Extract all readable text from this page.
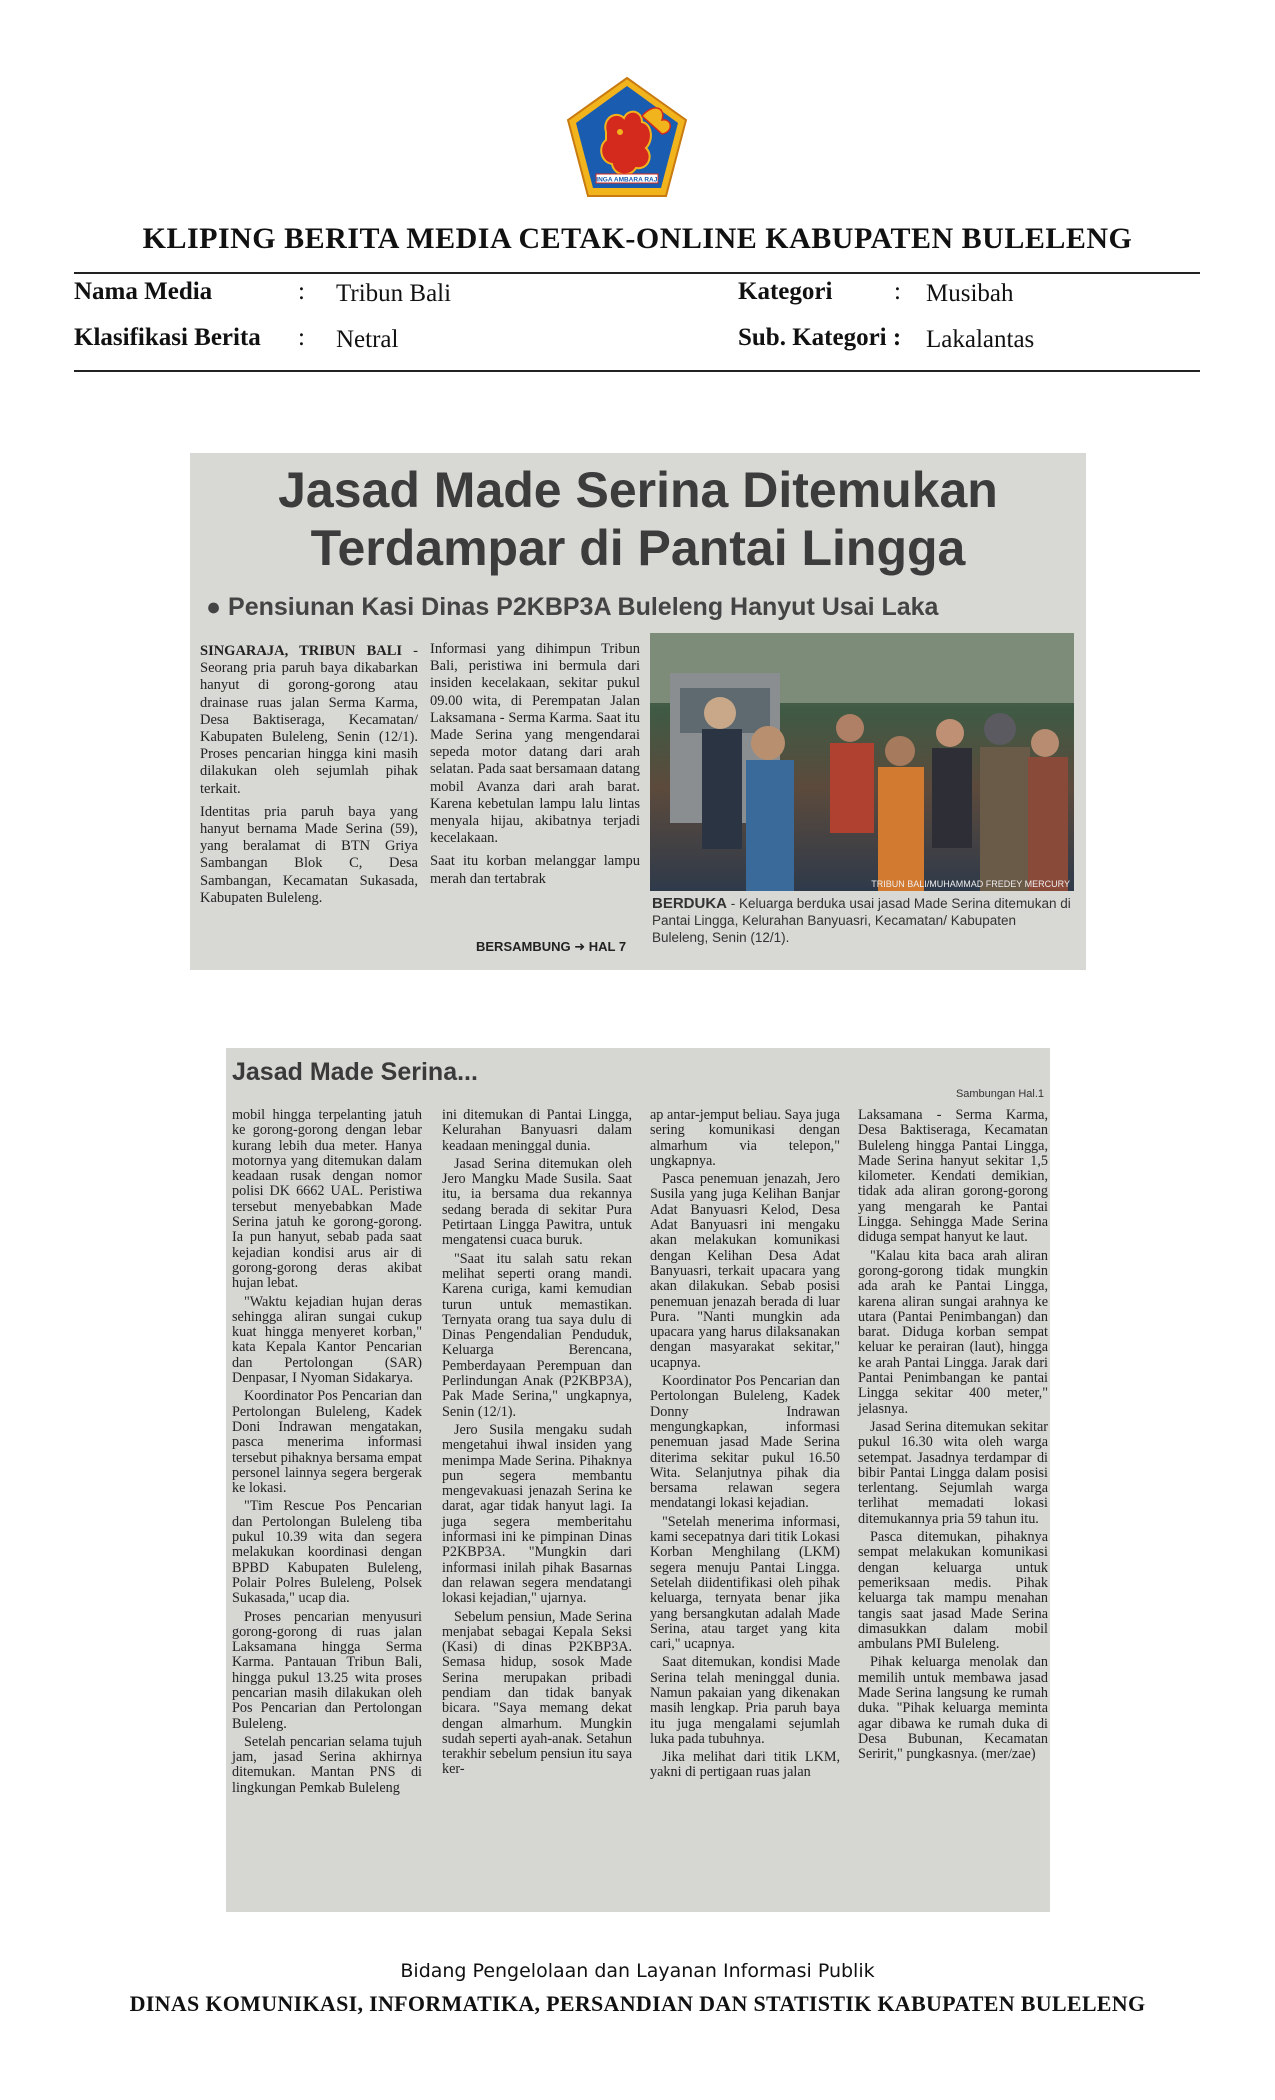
SINGA AMBARA RAJA
KLIPING BERITA MEDIA CETAK-ONLINE KABUPATEN BULELENG
Nama Media	: Tribun Bali	Kategori : Musibah
Klasifikasi Berita : Netral	Sub. Kategori : Lakalantas
Jasad Made Serina Ditemukan
Terdampar di Pantai Lingga
● Pensiunan Kasi Dinas P2KBP3A Buleleng Hanyut Usai Laka

SINGARAJA, TRIBUN BALI - Seorang pria paruh baya dikabarkan hanyut di gorong-gorong atau drainase ruas jalan Serma Karma, Desa Baktiseraga, Kecamatan/ Kabupaten Buleleng, Senin (12/1). Proses pencarian hingga kini masih dilakukan oleh sejumlah pihak terkait.

Identitas pria paruh baya yang hanyut bernama Made Serina (59), yang beralamat di BTN Griya Sambangan Blok C, Desa Sambangan, Kecamatan Sukasada, Kabupaten Buleleng.

Informasi yang dihimpun Tribun Bali, peristiwa ini bermula dari insiden kecelakaan, sekitar pukul 09.00 wita, di Perempatan Jalan Laksamana - Serma Karma. Saat itu Made Serina yang mengendarai sepeda motor datang dari arah selatan. Pada saat bersamaan datang mobil Avanza dari arah barat. Karena kebetulan lampu lalu lintas menyala hijau, akibatnya terjadi kecelakaan.

Saat itu korban melanggar lampu merah dan tertabrak	TRIBUN BALI/MUHAMMAD FREDEY MERCURY
BERDUKA - Keluarga berduka usai jasad Made Serina ditemukan di Pantai Lingga, Kelurahan Banyuasri, Kecamatan/ Kabupaten Buleleng, Senin (12/1).
BERSAMBUNG ➜ HAL 7
Jasad Made Serina...
Sambungan Hal.1

mobil hingga terpelanting jatuh ke gorong-gorong dengan lebar kurang lebih dua meter. Hanya motornya yang ditemukan dalam keadaan rusak dengan nomor polisi DK 6662 UAL. Peristiwa tersebut menyebabkan Made Serina jatuh ke gorong-gorong. Ia pun hanyut, sebab pada saat kejadian kondisi arus air di gorong-gorong deras akibat hujan lebat.

"Waktu kejadian hujan deras sehingga aliran sungai cukup kuat hingga menyeret korban," kata Kepala Kantor Pencarian dan Pertolongan (SAR) Denpasar, I Nyoman Sidakarya.

Koordinator Pos Pencarian dan Pertolongan Buleleng, Kadek Doni Indrawan mengatakan, pasca menerima informasi tersebut pihaknya bersama empat personel lainnya segera bergerak ke lokasi.

"Tim Rescue Pos Pencarian dan Pertolongan Buleleng tiba pukul 10.39 wita dan segera melakukan koordinasi dengan BPBD Kabupaten Buleleng, Polair Polres Buleleng, Polsek Sukasada," ucap dia.

Proses pencarian menyusuri gorong-gorong di ruas jalan Laksamana hingga Serma Karma. Pantauan Tribun Bali, hingga pukul 13.25 wita proses pencarian masih dilakukan oleh Pos Pencarian dan Pertolongan Buleleng.

Setelah pencarian selama tujuh jam, jasad Serina akhirnya ditemukan. Mantan PNS di lingkungan Pemkab Buleleng

ini ditemukan di Pantai Lingga, Kelurahan Banyuasri dalam keadaan meninggal dunia.

Jasad Serina ditemukan oleh Jero Mangku Made Susila. Saat itu, ia bersama dua rekannya sedang berada di sekitar Pura Petirtaan Lingga Pawitra, untuk mengatensi cuaca buruk.

"Saat itu salah satu rekan melihat seperti orang mandi. Karena curiga, kami kemudian turun untuk memastikan. Ternyata orang tua saya dulu di Dinas Pengendalian Penduduk, Keluarga Berencana, Pemberdayaan Perempuan dan Perlindungan Anak (P2KBP3A), Pak Made Serina," ungkapnya, Senin (12/1).

Jero Susila mengaku sudah mengetahui ihwal insiden yang menimpa Made Serina. Pihaknya pun segera membantu mengevakuasi jenazah Serina ke darat, agar tidak hanyut lagi. Ia juga segera memberitahu informasi ini ke pimpinan Dinas P2KBP3A. "Mungkin dari informasi inilah pihak Basarnas dan relawan segera mendatangi lokasi kejadian," ujarnya.

Sebelum pensiun, Made Serina menjabat sebagai Kepala Seksi (Kasi) di dinas P2KBP3A. Semasa hidup, sosok Made Serina merupakan pribadi pendiam dan tidak banyak bicara. "Saya memang dekat dengan almarhum. Mungkin sudah seperti ayah-anak. Setahun terakhir sebelum pensiun itu saya ker-

ap antar-jemput beliau. Saya juga sering komunikasi dengan almarhum via telepon," ungkapnya.

Pasca penemuan jenazah, Jero Susila yang juga Kelihan Banjar Adat Banyuasri Kelod, Desa Adat Banyuasri ini mengaku akan melakukan komunikasi dengan Kelihan Desa Adat Banyuasri, terkait upacara yang akan dilakukan. Sebab posisi penemuan jenazah berada di luar Pura. "Nanti mungkin ada upacara yang harus dilaksanakan dengan masyarakat sekitar," ucapnya.

Koordinator Pos Pencarian dan Pertolongan Buleleng, Kadek Donny Indrawan mengungkapkan, informasi penemuan jasad Made Serina diterima sekitar pukul 16.50 Wita. Selanjutnya pihak dia bersama relawan segera mendatangi lokasi kejadian.

"Setelah menerima informasi, kami secepatnya dari titik Lokasi Korban Menghilang (LKM) segera menuju Pantai Lingga. Setelah diidentifikasi oleh pihak keluarga, ternyata benar jika yang bersangkutan adalah Made Serina, atau target yang kita cari," ucapnya.

Saat ditemukan, kondisi Made Serina telah meninggal dunia. Namun pakaian yang dikenakan masih lengkap. Pria paruh baya itu juga mengalami sejumlah luka pada tubuhnya.

Jika melihat dari titik LKM, yakni di pertigaan ruas jalan

Laksamana - Serma Karma, Desa Baktiseraga, Kecamatan Buleleng hingga Pantai Lingga, Made Serina hanyut sekitar 1,5 kilometer. Kendati demikian, tidak ada aliran gorong-gorong yang mengarah ke Pantai Lingga. Sehingga Made Serina diduga sempat hanyut ke laut.

"Kalau kita baca arah aliran gorong-gorong tidak mungkin ada arah ke Pantai Lingga, karena aliran sungai arahnya ke utara (Pantai Penimbangan) dan barat. Diduga korban sempat keluar ke perairan (laut), hingga ke arah Pantai Lingga. Jarak dari Pantai Penimbangan ke pantai Lingga sekitar 400 meter," jelasnya.

Jasad Serina ditemukan sekitar pukul 16.30 wita oleh warga setempat. Jasadnya terdampar di bibir Pantai Lingga dalam posisi terlentang. Sejumlah warga terlihat memadati lokasi ditemukannya pria 59 tahun itu.

Pasca ditemukan, pihaknya sempat melakukan komunikasi dengan keluarga untuk pemeriksaan medis. Pihak keluarga tak mampu menahan tangis saat jasad Made Serina dimasukkan dalam mobil ambulans PMI Buleleng.

Pihak keluarga menolak dan memilih untuk membawa jasad Made Serina langsung ke rumah duka. "Pihak keluarga meminta agar dibawa ke rumah duka di Desa Bubunan, Kecamatan Seririt," pungkasnya. (mer/zae)

Bidang Pengelolaan dan Layanan Informasi Publik
DINAS KOMUNIKASI, INFORMATIKA, PERSANDIAN DAN STATISTIK KABUPATEN BULELENG
